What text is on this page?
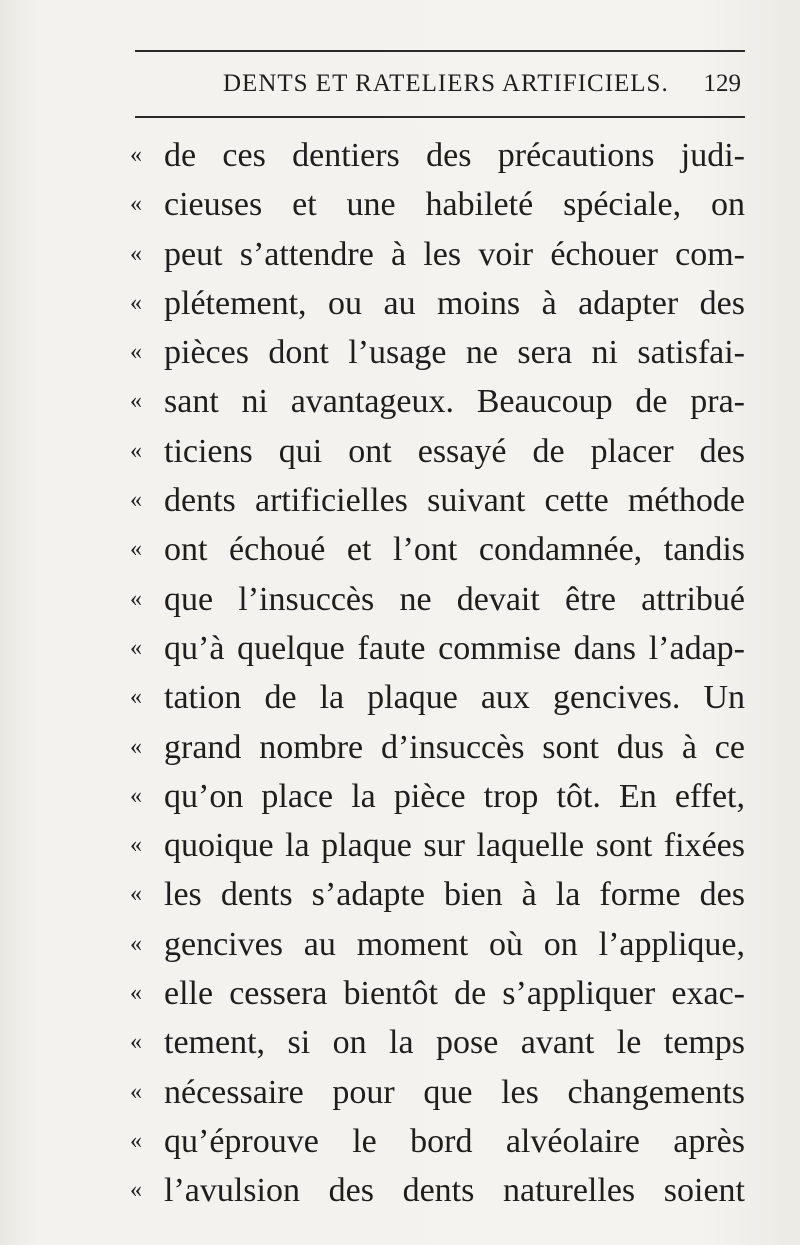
DENTS ET RATELIERS ARTIFICIELS. 129
« de ces dentiers des précautions judi-
« cieuses et une habileté spéciale, on
« peut s’attendre à les voir échouer com-
« plétement, ou au moins à adapter des
« pièces dont l’usage ne sera ni satisfai-
« sant ni avantageux. Beaucoup de pra-
« ticiens qui ont essayé de placer des
« dents artificielles suivant cette méthode
« ont échoué et l’ont condamnée, tandis
« que l’insuccès ne devait être attribué
« qu’à quelque faute commise dans l’adap-
« tation de la plaque aux gencives. Un
« grand nombre d’insuccès sont dus à ce
« qu’on place la pièce trop tôt. En effet,
« quoique la plaque sur laquelle sont fixées
« les dents s’adapte bien à la forme des
« gencives au moment où on l’applique,
« elle cessera bientôt de s’appliquer exac-
« tement, si on la pose avant le temps
« nécessaire pour que les changements
« qu’éprouve le bord alvéolaire après
« l’avulsion des dents naturelles soient
